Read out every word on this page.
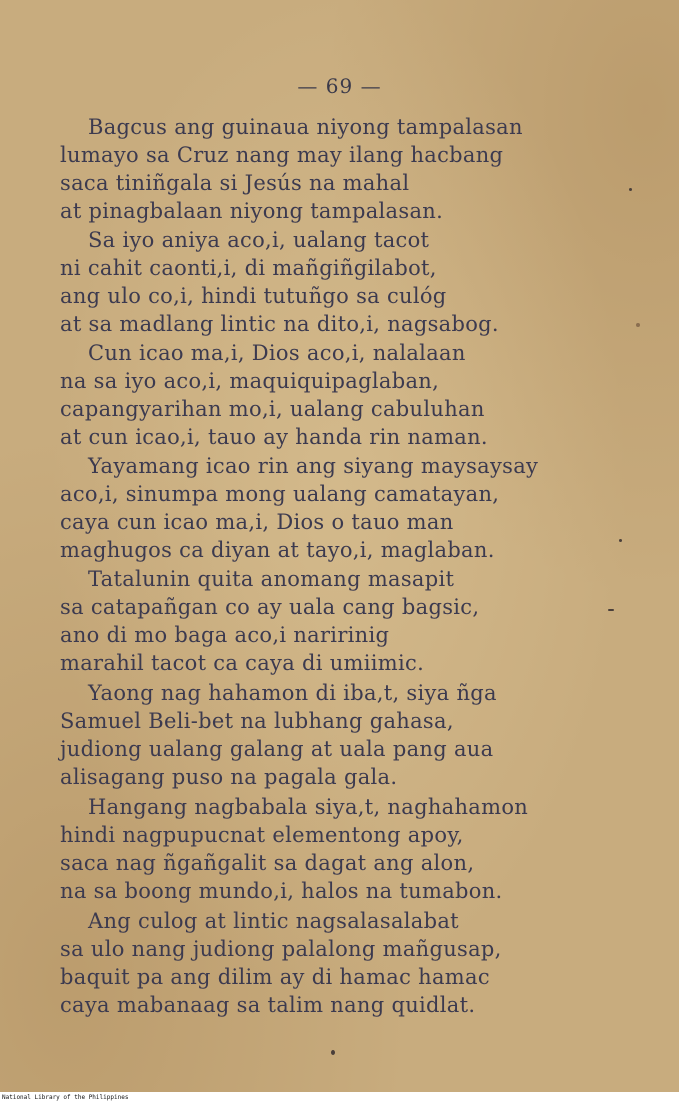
— 69 —
Bagcus ang guinaua niyong tampalasan
lumayo sa Cruz nang may ilang hacbang
saca tiniñgala si Jesús na mahal
at pinagbalaan niyong tampalasan.
Sa iyo aniya aco,i, ualang tacot
ni cahit caonti,i, di mañgiñgilabot,
ang ulo co,i, hindi tutuñgo sa culóg
at sa madlang lintic na dito,i, nagsabog.
Cun icao ma,i, Dios aco,i, nalalaan
na sa iyo aco,i, maquiquipaglaban,
capangyarihan mo,i, ualang cabuluhan
at cun icao,i, tauo ay handa rin naman.
Yayamang icao rin ang siyang maysaysay
aco,i, sinumpa mong ualang camatayan,
caya cun icao ma,i, Dios o tauo man
maghugos ca diyan at tayo,i, maglaban.
Tatalunin quita anomang masapit
sa catapañgan co ay uala cang bagsic,
ano di mo baga aco,i naririnig
marahil tacot ca caya di umiimic.
Yaong nag hahamon di iba,t, siya ñga
Samuel Beli-bet na lubhang gahasa,
judiong ualang galang at uala pang aua
alisagang puso na pagala gala.
Hangang nagbabala siya,t, naghahamon
hindi nagpupucnat elementong apoy,
saca nag ñgañgalit sa dagat ang alon,
na sa boong mundo,i, halos na tumabon.
Ang culog at lintic nagsalasalabat
sa ulo nang judiong palalong mañgusap,
baquit pa ang dilim ay di hamac hamac
caya mabanaag sa talim nang quidlat.
National Library of the Philippines
